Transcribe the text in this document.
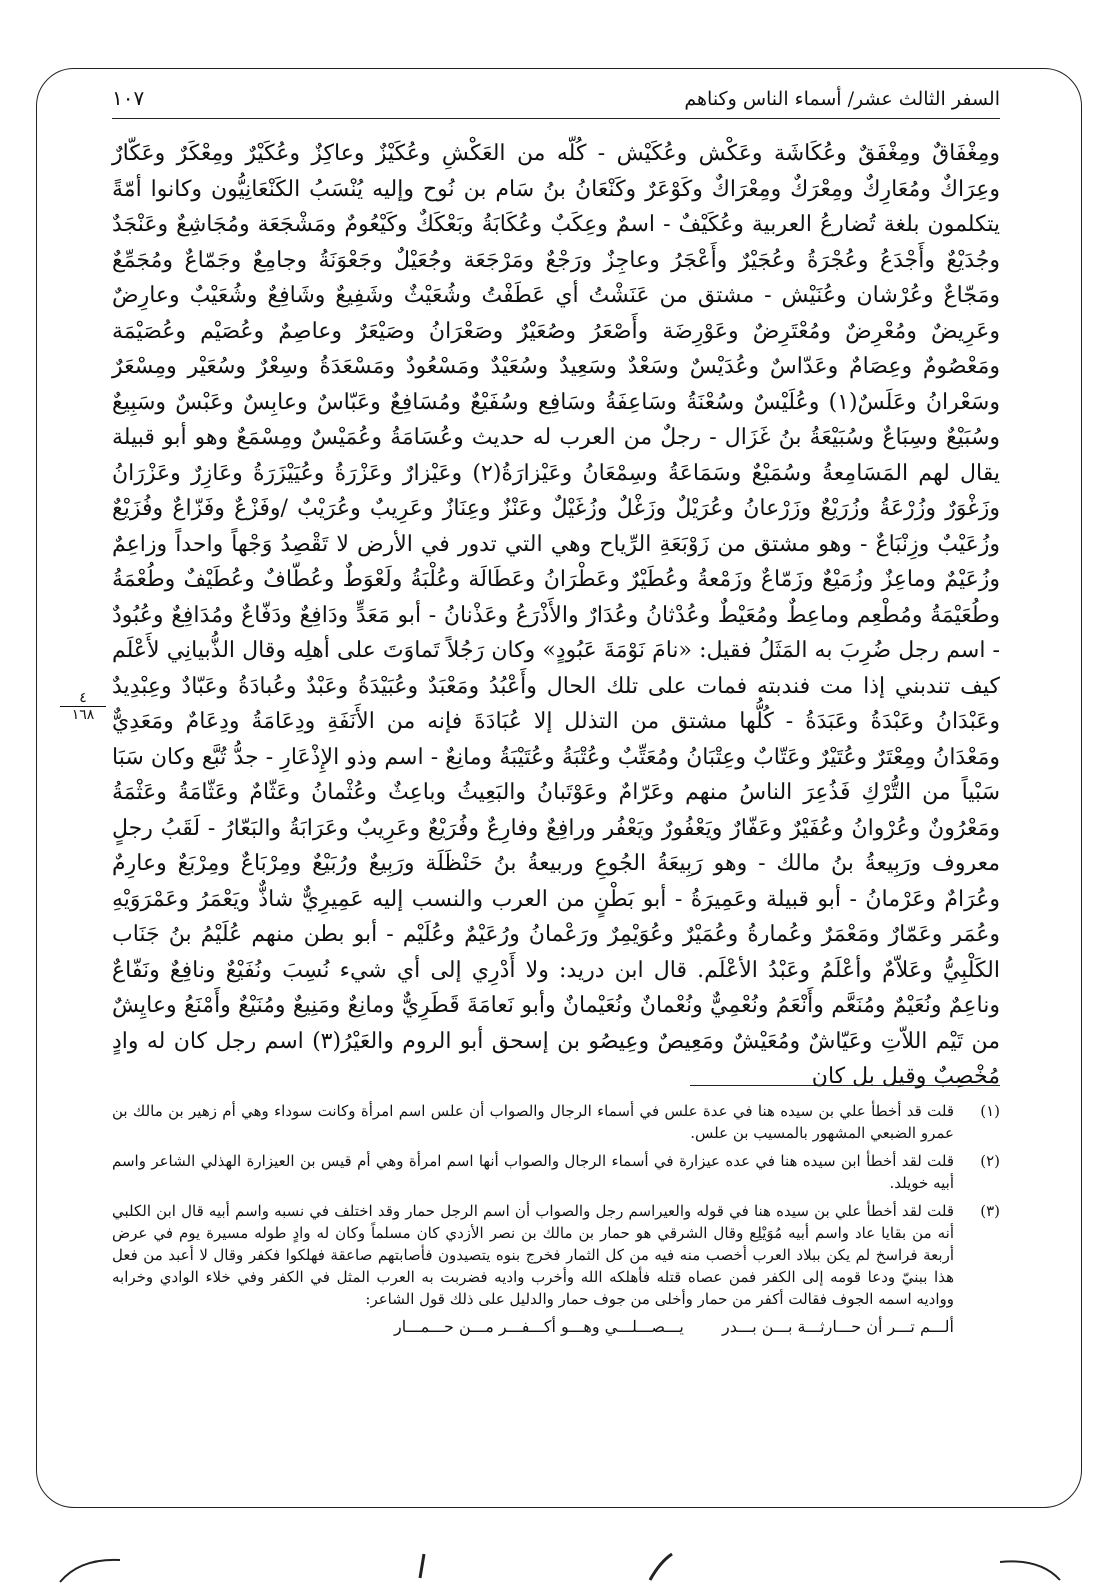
السفر الثالث عشر/ أسماء الناس وكناهم
١٠٧
٤
١٦٨

ومِغْفَاقٌ ومِغْفَقٌ وعُكَاشَة وعَكْش وعُكَيْش - كُلّه من العَكْشِ وعُكَيْزٌ وعاكِزٌ وعُكَيْرٌ ومِعْكَرٌ وعَكّارٌ وعِرَاكٌ ومُعَارِكٌ ومِعْرَكٌ ومِعْرَاكٌ وكَوْعَرٌ وكَنْعَانُ بنُ سَام بن نُوح وإليه يُنْسَبُ الكَنْعَانِيُّون وكانوا أمّةً يتكلمون بلغة تُضارعُ العربية وعُكَيْفٌ - اسمٌ وعِكَبٌ وعُكَابَةُ وبَعْكَكٌ وكَيْعُومٌ ومَشْجَعَة ومُجَاشِعٌ وعَنْجَدٌ وجُدَيْعٌ وأَجْدَعُ وعُجْرَةُ وعُجَيْرٌ وأَعْجَرُ وعاجِزٌ ورَجْعٌ ومَرْجَعَة وجُعَيْلٌ وجَعْوَنَةُ وجامِعٌ وجَمّاعٌ ومُجَمِّعٌ ومَجّاعٌ وعُرْشان وعُنَيْش - مشتق من عَنَشْتُ أي عَطَفْتُ وشُعَيْثٌ وشَفِيعٌ وشَافِعٌ وشُعَيْبٌ وعارِضٌ وعَرِيضٌ ومُعْرِضٌ ومُعْتَرِضٌ وعَوْرِضَة وأَصْعَرُ وصُعَيْرٌ وصَعْرَانُ وصَيْعَرٌ وعاصِمٌ وعُصَيْم وعُصَيْمَة ومَعْصُومٌ وعِصَامٌ وعَدّاسٌ وعُدَيْسٌ وسَعْدٌ وسَعِيدٌ وسُعَيْدٌ ومَسْعُودٌ ومَسْعَدَةُ وسِعْرٌ وسُعَيْر ومِسْعَرٌ وسَعْرانُ وعَلَسٌ(١) وعُلَيْسٌ وسُعْنَةُ وسَاعِفَةُ وسَافِع وسُفَيْعٌ ومُسَافِعٌ وعَبّاسٌ وعابِسٌ وعَبْسٌ وسَبِيعٌ وسُبَيْعٌ وسِبَاعٌ وسُبَيْعَةُ بنُ غَزَال - رجلٌ من العرب له حديث وعُسَامَةُ وعُمَيْسٌ ومِسْمَعٌ وهو أبو قبيلة يقال لهم المَسَامِعةُ وسُمَيْعٌ وسَمَاعَةُ وسِمْعَانُ وعَيْزارَةُ(٢) وعَيْزارٌ وعَزْرَةُ وعُيَيْزَرَةُ وعَازِرٌ وعَزْرَانُ وزَغْوَرٌ وزُرْعَةُ وزُرَيْعٌ وزَرْعانُ وعُرَيْلٌ وزَغْلٌ وزُغَيْلٌ وعَنْزٌ وعِنَازٌ وعَرِيبٌ وعُرَيْبٌ /وفَزْعٌ وفَزّاعٌ وفُزَيْعٌ وزُعَيْبٌ وزِنْبَاعٌ - وهو مشتق من زَوْبَعَةِ الرِّياح وهي التي تدور في الأرض لا تَقْصِدُ وَجْهاً واحداً وزاعِمٌ وزُعَيْمٌ وماعِزٌ وزُمَيْعٌ وزَمّاعٌ وزَمْعةُ وعُطَيْرٌ وعَطْرَانُ وعَطَالَة وعُلْبَةُ ولَعْوَطٌ وعُطّافٌ وعُطَيْفٌ وطُعْمَةُ وطُعَيْمَةُ ومُطْعِم وماعِطٌ ومُعَيْطٌ وعُدْثانُ وعُدَارٌ والأَذْرَعُ وعَذْنانُ - أبو مَعَدٍّ ودَافِعٌ ودَفّاعٌ ومُدَافِعٌ وعُبُودٌ - اسم رجل ضُرِبَ به المَثَلُ فقيل: «نامَ نَوْمَةَ عَبُودٍ» وكان رَجُلاً تَماوَتَ على أهلِه وقال الذُّبيانِي لأَعْلَم كيف تندبني إذا مت فندبته فمات على تلك الحال وأَعْبُدُ ومَعْبَدٌ وعُبَيْدَةُ وعَبْدٌ وعُبادَةُ وعَبّادٌ وعِبْدِيدٌ وعَبْدَانُ وعَبْدَةُ وعَبَدَةُ - كُلُّها مشتق من التذلل إلا عُبَادَةَ فإنه من الأَنَفَةِ ودِعَامَةُ ودِعَامٌ ومَعَدِيٌّ ومَعْدَانُ ومِعْتَرٌ وعُتَيْرٌ وعَتّابٌ وعِتْبَانُ ومُعَتِّبٌ وعُتْبَةُ وعُتَيْبَةُ ومانِعٌ - اسم وذو الإِذْعَارِ - جدُّ تُبَّع وكان سَبَا سَبْياً من التُّرْكِ فَذُعِرَ الناسُ منهم وعَرّامٌ وعَوْتَبانُ والبَعِيثُ وباعِثٌ وعُثْمانُ وعَثّامٌ وعَثّامَةُ وعَثْمَةُ ومَعْرُونٌ وعُرْوانُ وعُفَيْرٌ وعَفّارٌ ويَعْفُورٌ ويَعْفُر ورافِعٌ وفارِعٌ وفُرَيْعٌ وعَرِيبٌ وعَرَابَةُ والبَعّارُ - لَقَبُ رجلٍ معروف ورَبِيعةُ بنُ مالك - وهو رَبِيعَةُ الجُوعِ وربيعةُ بنُ حَنْظَلَة ورَبِيعٌ ورُبَيْعٌ ومِرْبَاعٌ ومِرْبَعٌ وعارِمٌ وعُرَامٌ وعَرْمانُ - أبو قبيلة وعَمِيرَةُ - أبو بَطْنٍ من العرب والنسب إليه عَمِيرِيٌّ شاذٌّ ويَعْمَرُ وعَمْرَوَيْهِ وعُمَر وعَمّارٌ ومَعْمَرٌ وعُمارةُ وعُمَيْرٌ وعُوَيْمِرٌ ورَعْمانُ ورُعَيْمٌ وعُلَيْم - أبو بطن منهم عُلَيْمُ بنُ جَنَاب الكَلْبِيُّ وعَلاّمٌ وأعْلَمُ وعَبْدُ الأعْلَم. قال ابن دريد: ولا أَدْرِي إلى أي شيء نُسِبَ ونُفَيْعٌ ونافِعٌ ونَفّاعٌ وناعِمٌ ونُعَيْمٌ ومُنَعَّم وأَنْعَمُ ونُعْمِيٌّ ونُعْمانٌ ونُعَيْمانٌ وأبو نَعامَةَ قَطَرِيٌّ ومانِعٌ ومَنِيعٌ ومُنَيْعٌ وأَمْنَعُ وعايِشٌ من تَيْم اللاّتِ وعَيّاشٌ ومُعَيْشٌ ومَعِيصٌ وعِيصُو بن إسحق أبو الروم والعَيْرُ(٣) اسم رجل كان له وادٍ مُخْصِبٌ وقيل بل كان

(١)
قلت قد أخطأ علي بن سيده هنا في عدة علس في أسماء الرجال والصواب أن علس اسم امرأة وكانت سوداء وهي أم زهير بن مالك بن عمرو الضبعي المشهور بالمسيب بن علس.
(٢)
قلت لقد أخطأ ابن سيده هنا في عده عيزارة في أسماء الرجال والصواب أنها اسم امرأة وهي أم قيس بن العيزارة الهذلي الشاعر واسم أبيه خويلد.
(٣)
قلت لقد أخطأ علي بن سيده هنا في قوله والعيراسم رجل والصواب أن اسم الرجل حمار وقد اختلف في نسبه واسم أبيه قال ابن الكلبي أنه من بقايا عاد واسم أبيه مُوَيْلِع وقال الشرقي هو حمار بن مالك بن نصر الأزدي كان مسلماً وكان له وادٍ طوله مسيرة يوم في عرض أربعة فراسخ لم يكن ببلاد العرب أخصب منه فيه من كل الثمار فخرج بنوه يتصيدون فأصابتهم صاعقة فهلكوا فكفر وقال لا أعبد من فعل هذا ببنيّ ودعا قومه إلى الكفر فمن عصاه قتله فأهلكه الله وأخرب واديه فضربت به العرب المثل في الكفر وفي خلاء الوادي وخرابه وواديه اسمه الجوف فقالت أكفر من حمار وأخلى من جوف حمار والدليل على ذلك قول الشاعر:
ألـــم تـــر أن حـــارثـــة بـــن بـــدر
يـــصـــلـــي وهـــو أكـــفـــر مـــن حـــمـــار
